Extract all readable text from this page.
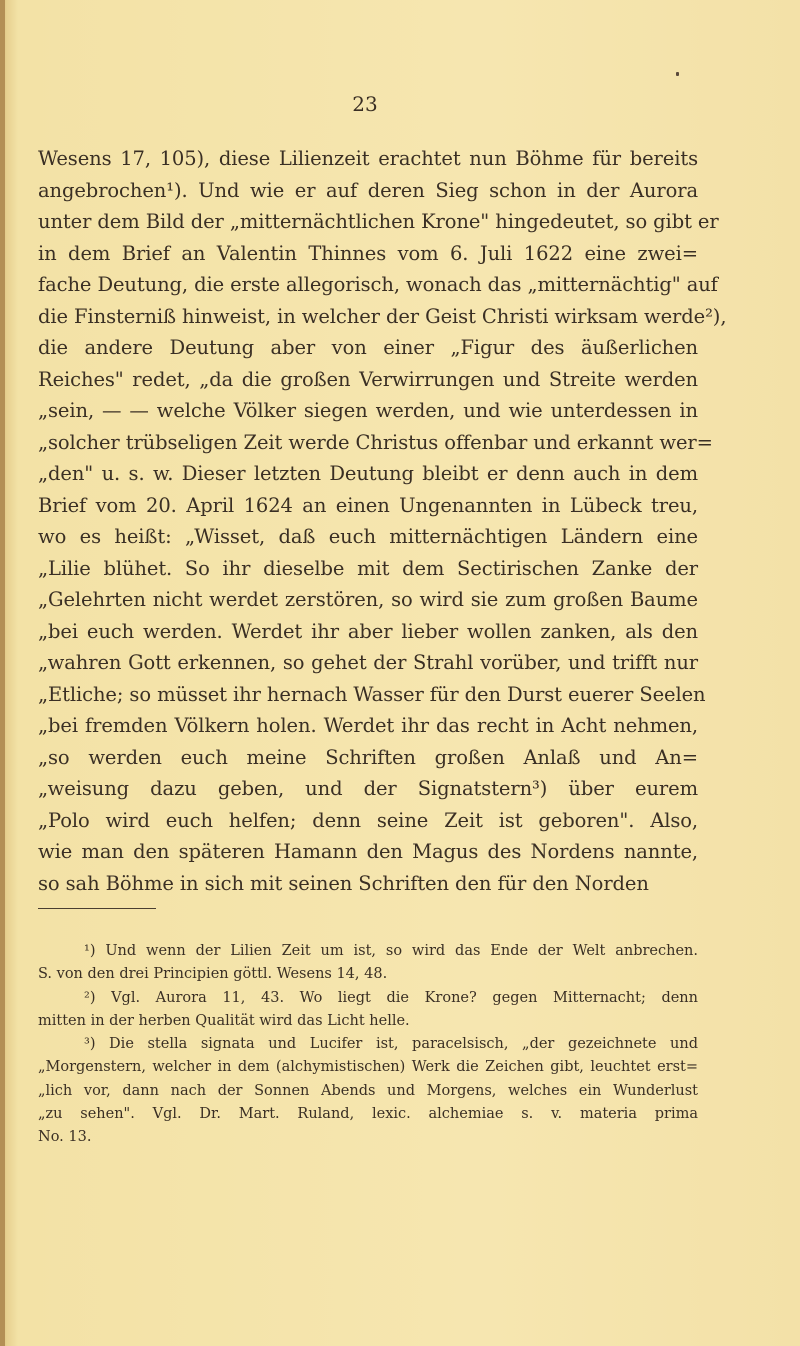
23
Wesens 17, 105), diese Lilienzeit erachtet nun Böhme für bereits
angebrochen¹). Und wie er auf deren Sieg schon in der Aurora
unter dem Bild der „mitternächtlichen Krone" hingedeutet, so gibt er
in dem Brief an Valentin Thinnes vom 6. Juli 1622 eine zwei=
fache Deutung, die erste allegorisch, wonach das „mitternächtig" auf
die Finsterniß hinweist, in welcher der Geist Christi wirksam werde²),
die andere Deutung aber von einer „Figur des äußerlichen
Reiches" redet, „da die großen Verwirrungen und Streite werden
„sein, — — welche Völker siegen werden, und wie unterdessen in
„solcher trübseligen Zeit werde Christus offenbar und erkannt wer=
„den" u. s. w. Dieser letzten Deutung bleibt er denn auch in dem
Brief vom 20. April 1624 an einen Ungenannten in Lübeck treu,
wo es heißt: „Wisset, daß euch mitternächtigen Ländern eine
„Lilie blühet. So ihr dieselbe mit dem Sectirischen Zanke der
„Gelehrten nicht werdet zerstören, so wird sie zum großen Baume
„bei euch werden. Werdet ihr aber lieber wollen zanken, als den
„wahren Gott erkennen, so gehet der Strahl vorüber, und trifft nur
„Etliche; so müsset ihr hernach Wasser für den Durst euerer Seelen
„bei fremden Völkern holen. Werdet ihr das recht in Acht nehmen,
„so werden euch meine Schriften großen Anlaß und An=
„weisung dazu geben, und der Signatstern³) über eurem
„Polo wird euch helfen; denn seine Zeit ist geboren". Also,
wie man den späteren Hamann den Magus des Nordens nannte,
so sah Böhme in sich mit seinen Schriften den für den Norden
¹) Und wenn der Lilien Zeit um ist, so wird das Ende der Welt anbrechen.
S. von den drei Principien göttl. Wesens 14, 48.
²) Vgl. Aurora 11, 43. Wo liegt die Krone? gegen Mitternacht; denn
mitten in der herben Qualität wird das Licht helle.
³) Die stella signata und Lucifer ist, paracelsisch, „der gezeichnete und
„Morgenstern, welcher in dem (alchymistischen) Werk die Zeichen gibt, leuchtet erst=
„lich vor, dann nach der Sonnen Abends und Morgens, welches ein Wunderlust
„zu sehen". Vgl. Dr. Mart. Ruland, lexic. alchemiae s. v. materia prima
No. 13.
